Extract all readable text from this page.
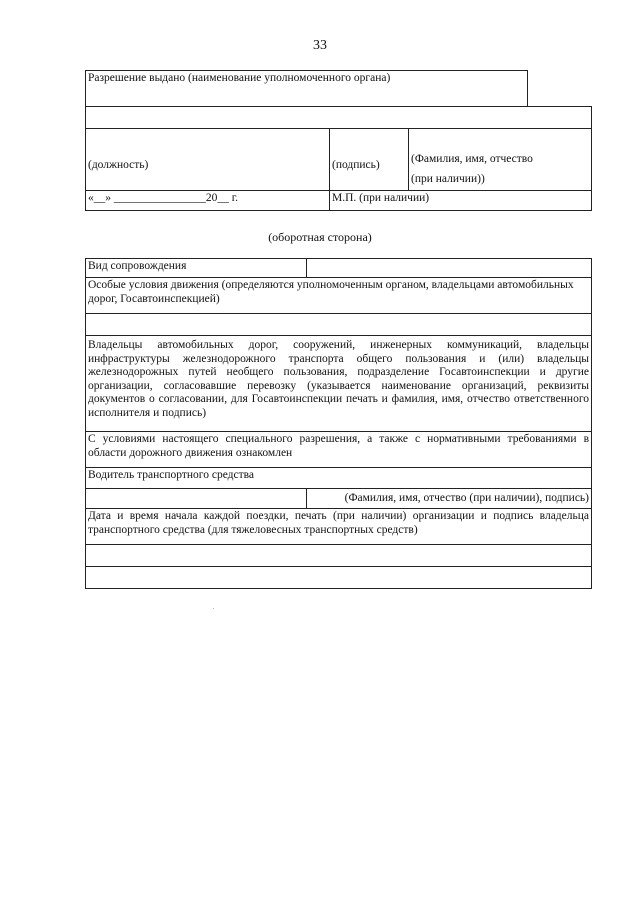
33
Разрешение выдано (наименование уполномоченного органа)			

(должность)	(подпись)	(Фамилия, имя, отчество
(при наличии))	

«__» ________________20__ г.	М.П. (при наличии)		
(оборотная сторона)
Вид сопровождения	
Особые условия движения (определяются уполномоченным органом, владельцами автомобильных дорог, Госавтоинспекцией)	

Владельцы автомобильных дорог, сооружений, инженерных коммуникаций, владельцы инфраструктуры железнодорожного транспорта общего пользования и (или) владельцы железнодорожных путей необщего пользования, подразделение Госавтоинспекции и другие организации, согласовавшие перевозку (указывается наименование организаций, реквизиты документов о согласовании, для Госавтоинспекции печать и фамилия, имя, отчество ответственного исполнителя и подпись)	
С условиями настоящего специального разрешения, а также с нормативными требованиями в области дорожного движения ознакомлен	
Водитель транспортного средства	
	(Фамилия, имя, отчество (при наличии), подпись)
Дата и время начала каждой поездки, печать (при наличии) организации и подпись владельца транспортного средства (для тяжеловесных транспортных средств)	
